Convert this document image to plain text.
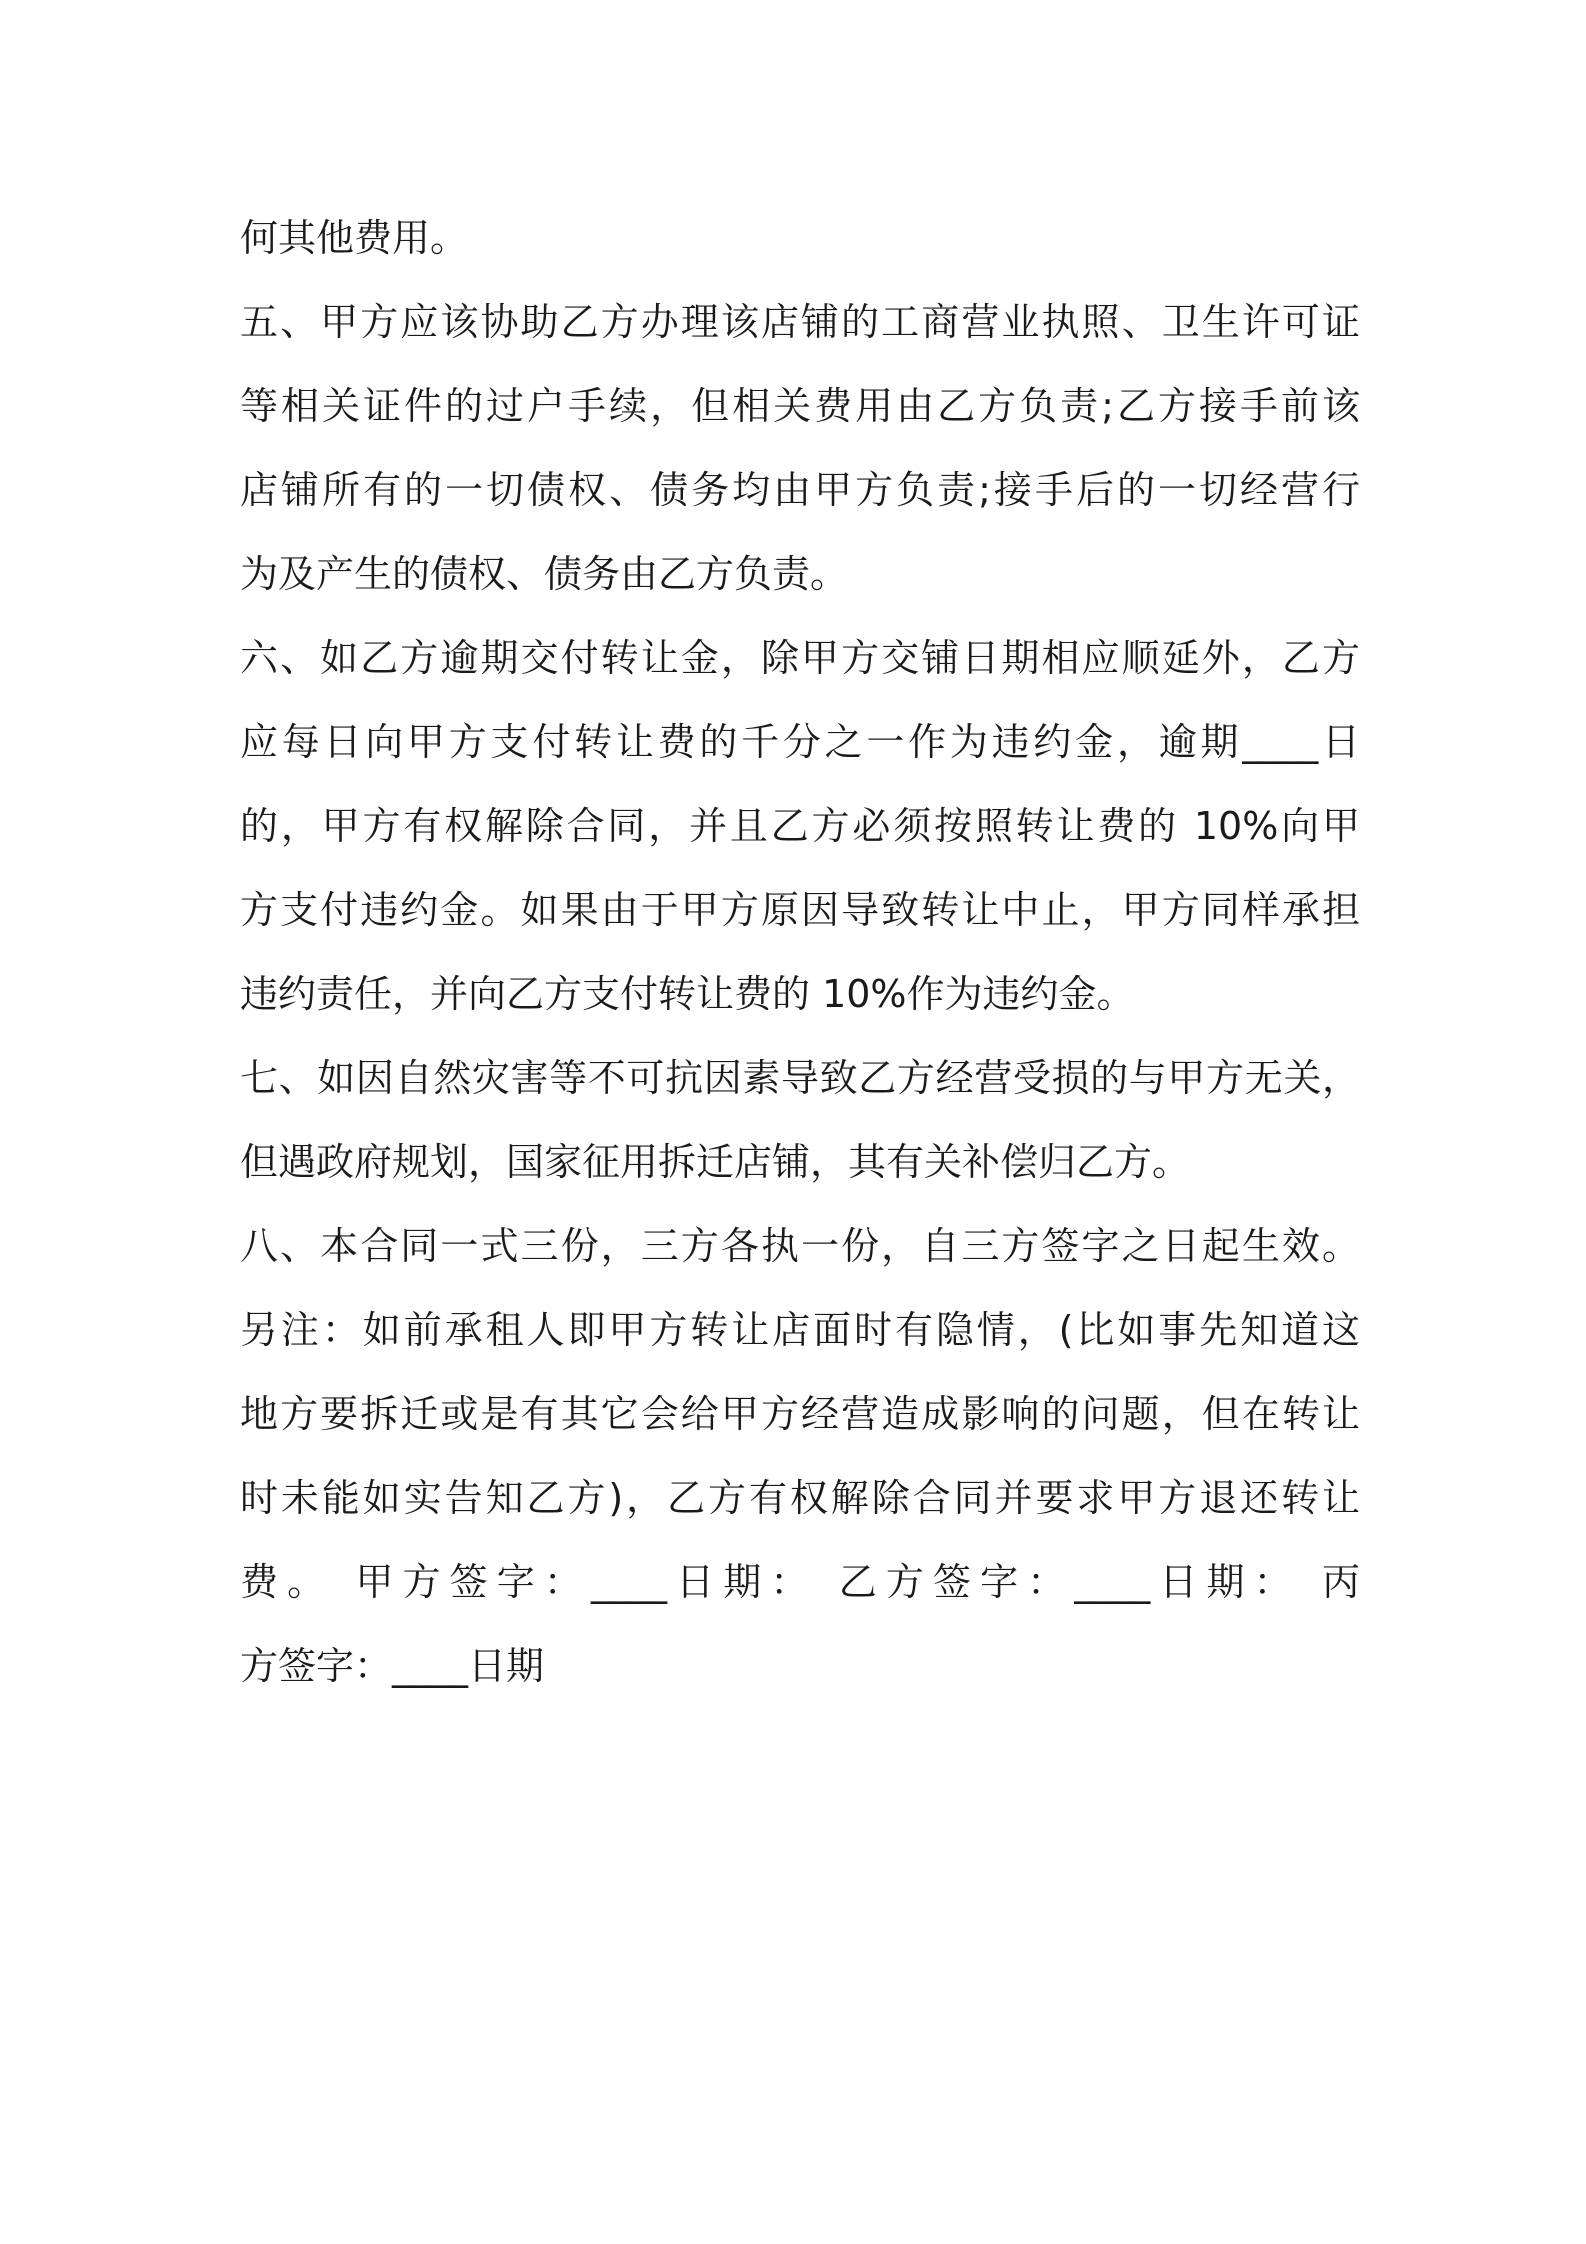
何其他费用。
五、甲方应该协助乙方办理该店铺的工商营业执照、卫生许可证
等相关证件的过户手续，但相关费用由乙方负责;乙方接手前该
店铺所有的一切债权、债务均由甲方负责;接手后的一切经营行
为及产生的债权、债务由乙方负责。
六、如乙方逾期交付转让金，除甲方交铺日期相应顺延外，乙方
应每日向甲方支付转让费的千分之一作为违约金，逾期____日
的，甲方有权解除合同，并且乙方必须按照转让费的 10%向甲
方支付违约金。如果由于甲方原因导致转让中止，甲方同样承担
违约责任，并向乙方支付转让费的 10%作为违约金。
七、如因自然灾害等不可抗因素导致乙方经营受损的与甲方无关，
但遇政府规划，国家征用拆迁店铺，其有关补偿归乙方。
八、本合同一式三份，三方各执一份，自三方签字之日起生效。
另注：如前承租人即甲方转让店面时有隐情，(比如事先知道这
地方要拆迁或是有其它会给甲方经营造成影响的问题，但在转让
时未能如实告知乙方)，乙方有权解除合同并要求甲方退还转让
费。 甲方签字：____日期： 乙方签字：____日期： 丙
方签字：____日期
